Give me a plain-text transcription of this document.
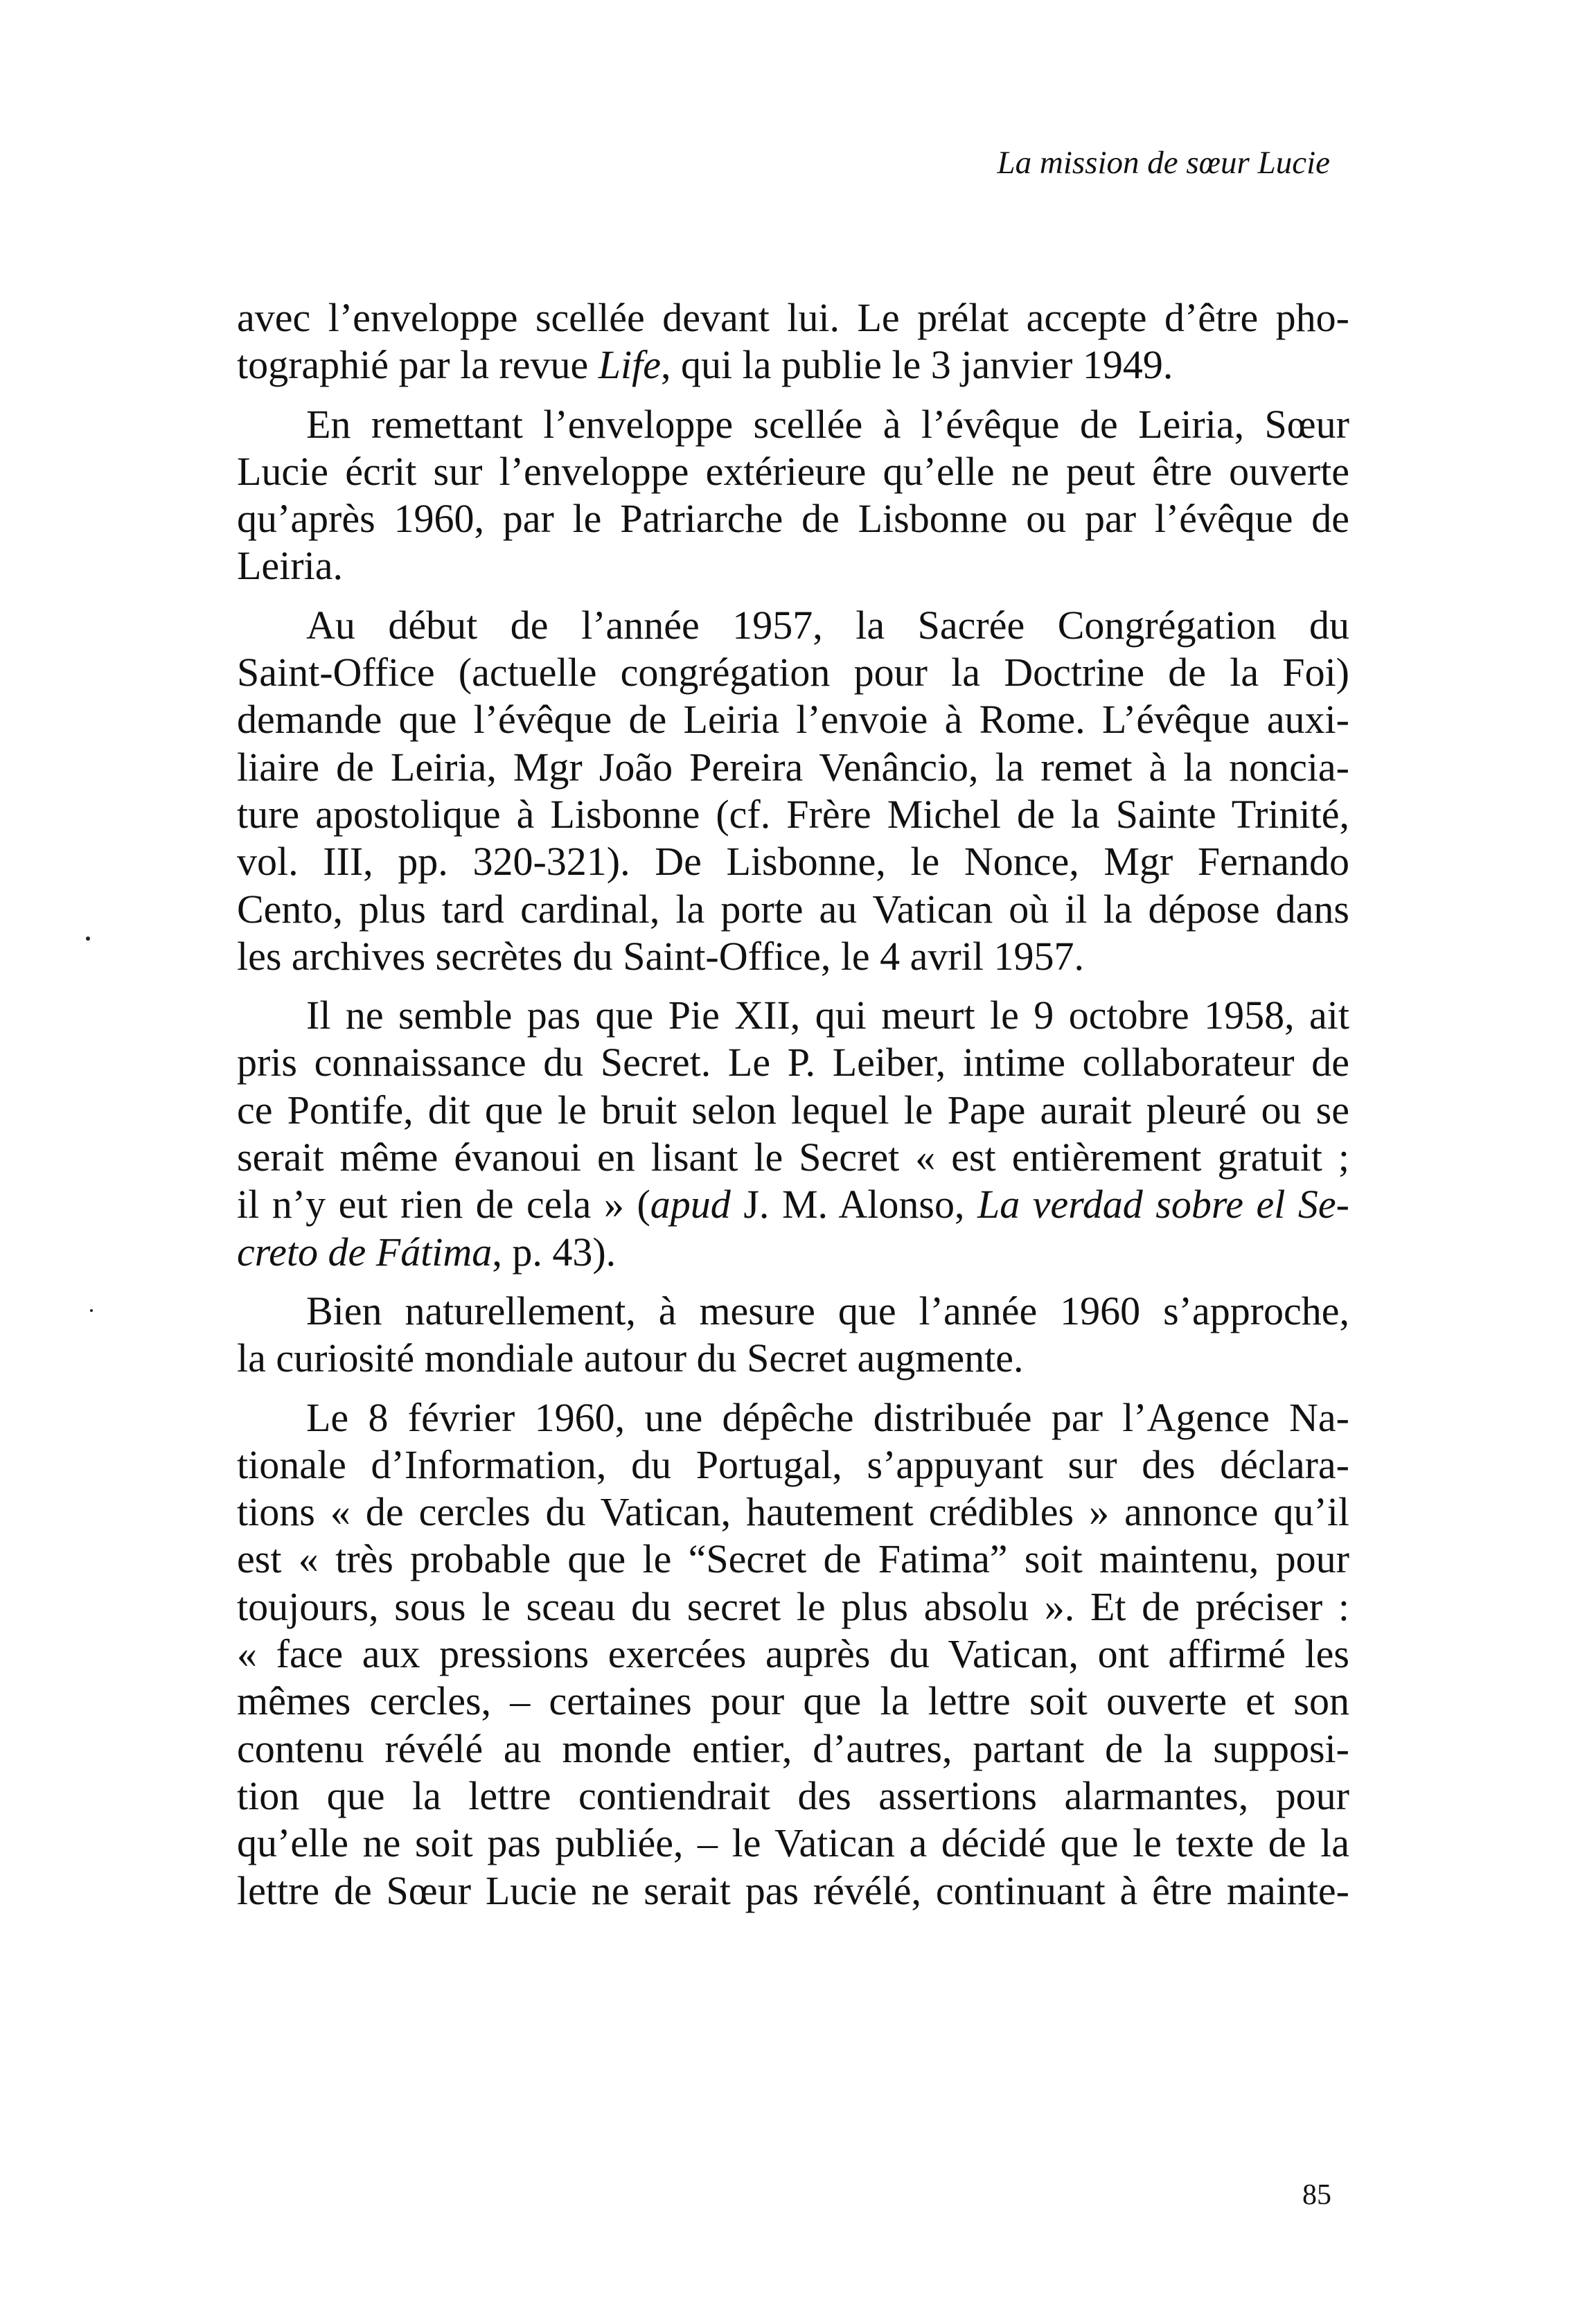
La mission de sœur Lucie
avec l’enveloppe scellée devant lui. Le prélat accepte d’être pho-
tographié par la revue Life, qui la publie le 3 janvier 1949.
En remettant l’enveloppe scellée à l’évêque de Leiria, Sœur
Lucie écrit sur l’enveloppe extérieure qu’elle ne peut être ouverte
qu’après 1960, par le Patriarche de Lisbonne ou par l’évêque de
Leiria.
Au début de l’année 1957, la Sacrée Congrégation du
Saint-Office (actuelle congrégation pour la Doctrine de la Foi)
demande que l’évêque de Leiria l’envoie à Rome. L’évêque auxi-
liaire de Leiria, Mgr João Pereira Venâncio, la remet à la noncia-
ture apostolique à Lisbonne (cf. Frère Michel de la Sainte Trinité,
vol. III, pp. 320-321). De Lisbonne, le Nonce, Mgr Fernando
Cento, plus tard cardinal, la porte au Vatican où il la dépose dans
les archives secrètes du Saint-Office, le 4 avril 1957.
Il ne semble pas que Pie XII, qui meurt le 9 octobre 1958, ait
pris connaissance du Secret. Le P. Leiber, intime collaborateur de
ce Pontife, dit que le bruit selon lequel le Pape aurait pleuré ou se
serait même évanoui en lisant le Secret « est entièrement gratuit ;
il n’y eut rien de cela » (apud J. M. Alonso, La verdad sobre el Se-
creto de Fátima, p. 43).
Bien naturellement, à mesure que l’année 1960 s’approche,
la curiosité mondiale autour du Secret augmente.
Le 8 février 1960, une dépêche distribuée par l’Agence Na-
tionale d’Information, du Portugal, s’appuyant sur des déclara-
tions « de cercles du Vatican, hautement crédibles » annonce qu’il
est « très probable que le “Secret de Fatima” soit maintenu, pour
toujours, sous le sceau du secret le plus absolu ». Et de préciser :
« face aux pressions exercées auprès du Vatican, ont affirmé les
mêmes cercles, – certaines pour que la lettre soit ouverte et son
contenu révélé au monde entier, d’autres, partant de la supposi-
tion que la lettre contiendrait des assertions alarmantes, pour
qu’elle ne soit pas publiée, – le Vatican a décidé que le texte de la
lettre de Sœur Lucie ne serait pas révélé, continuant à être mainte-
85
